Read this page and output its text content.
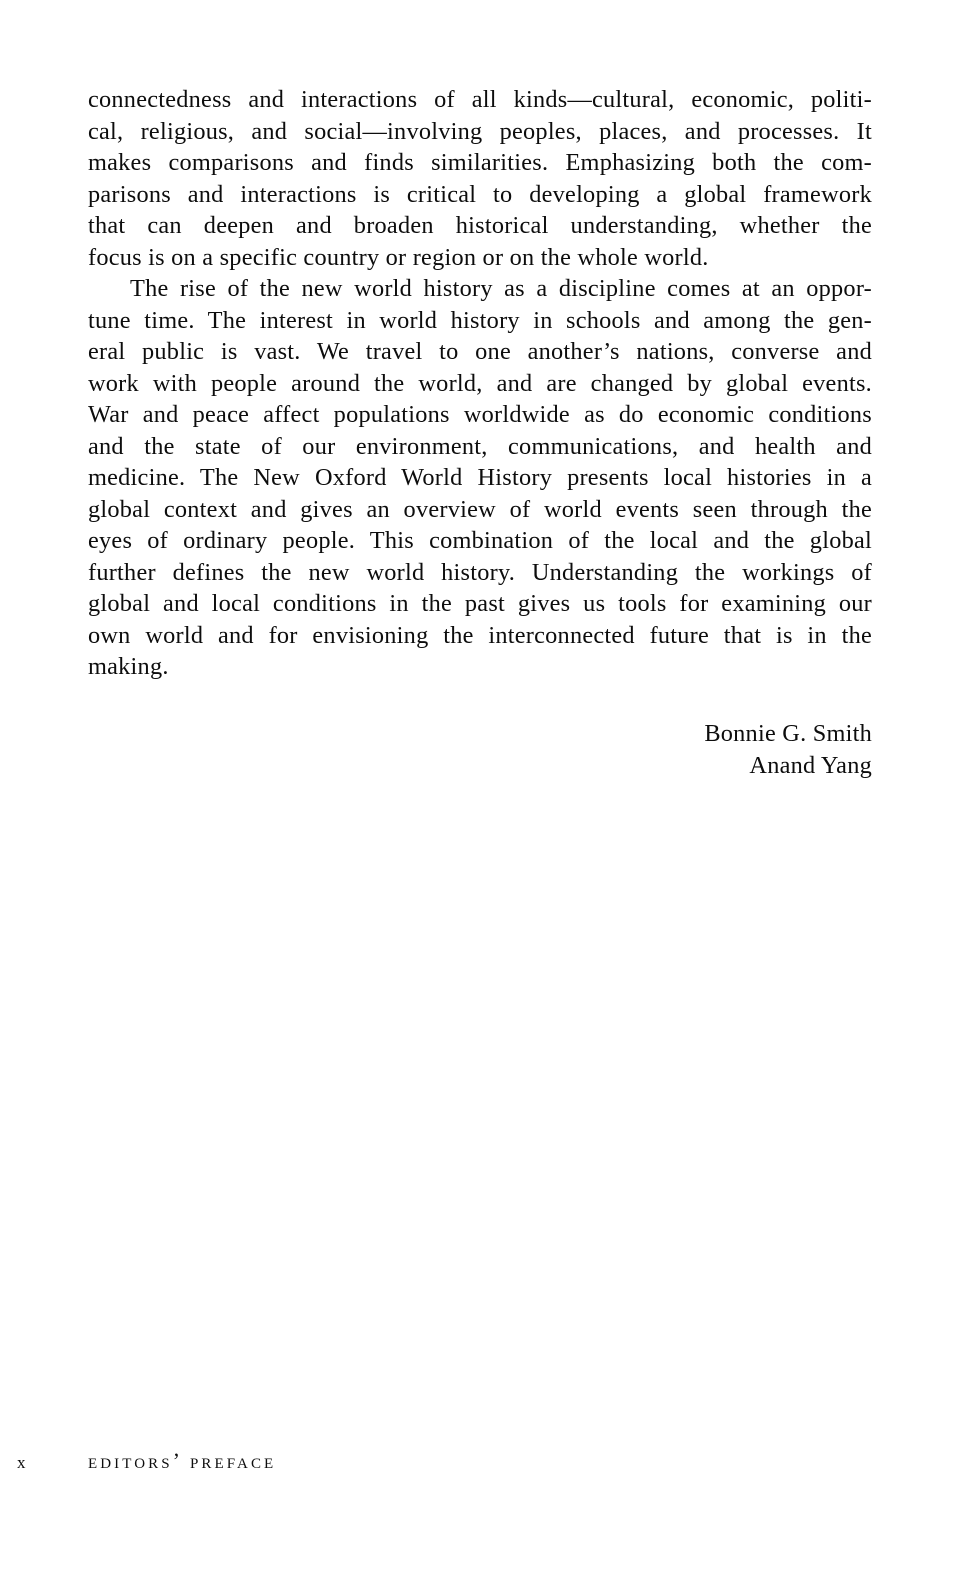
connectedness and interactions of all kinds—cultural, economic, politi-
cal, religious, and social—involving peoples, places, and processes. It
makes comparisons and finds similarities. Emphasizing both the com-
parisons and interactions is critical to developing a global framework
that can deepen and broaden historical understanding, whether the
focus is on a specific country or region or on the whole world.

The rise of the new world history as a discipline comes at an oppor-
tune time. The interest in world history in schools and among the gen-
eral public is vast. We travel to one another’s nations, converse and
work with people around the world, and are changed by global events.
War and peace affect populations worldwide as do economic conditions
and the state of our environment, communications, and health and
medicine. The New Oxford World History presents local histories in a
global context and gives an overview of world events seen through the
eyes of ordinary people. This combination of the local and the global
further defines the new world history. Understanding the workings of
global and local conditions in the past gives us tools for examining our
own world and for envisioning the interconnected future that is in the
making.

Bonnie G. Smith
Anand Yang
x	editors’ preface
